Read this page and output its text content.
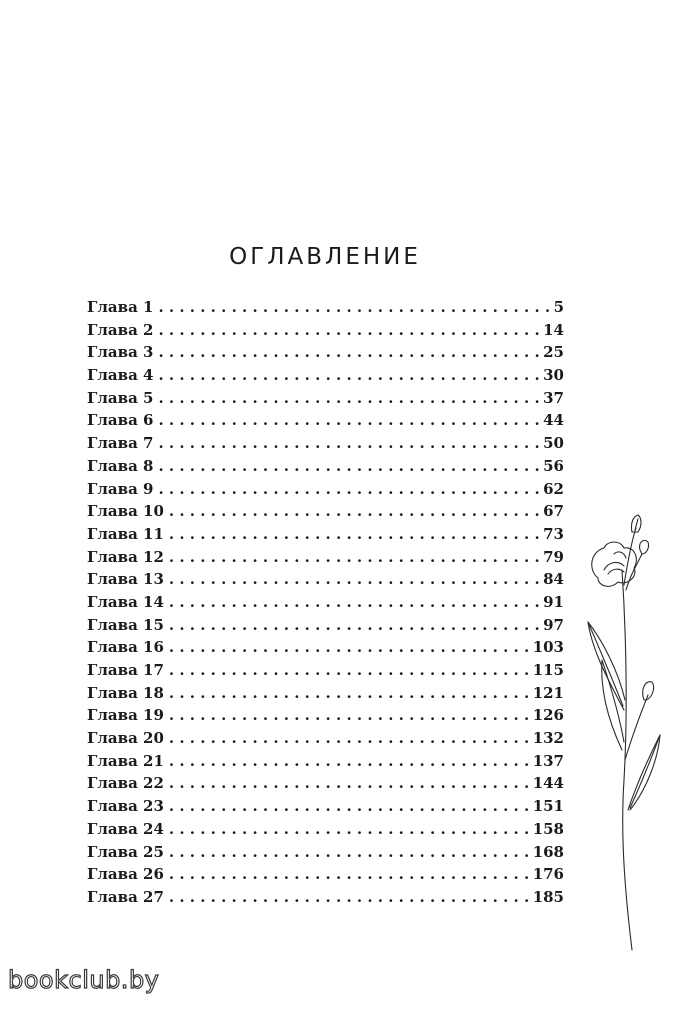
ОГЛАВЛЕНИЕ
Глава 1 . . .	5
Глава 2 . . .	14
Глава 3 . . .	25
Глава 4 . . .	30
Глава 5 . . .	37
Глава 6 . . .	44
Глава 7 . . .	50
Глава 8 . . .	56
Глава 9 . . .	62
Глава 10 . . .	67
Глава 11 . . .	73
Глава 12 . . .	79
Глава 13 . . .	84
Глава 14 . . .	91
Глава 15 . . .	97
Глава 16 . . .	103
Глава 17 . . .	115
Глава 18 . . .	121
Глава 19 . . .	126
Глава 20 . . .	132
Глава 21 . . .	137
Глава 22 . . .	144
Глава 23 . . .	151
Глава 24 . . .	158
Глава 25 . . .	168
Глава 26 . . .	176
Глава 27 . . .	185
bookclub.by
